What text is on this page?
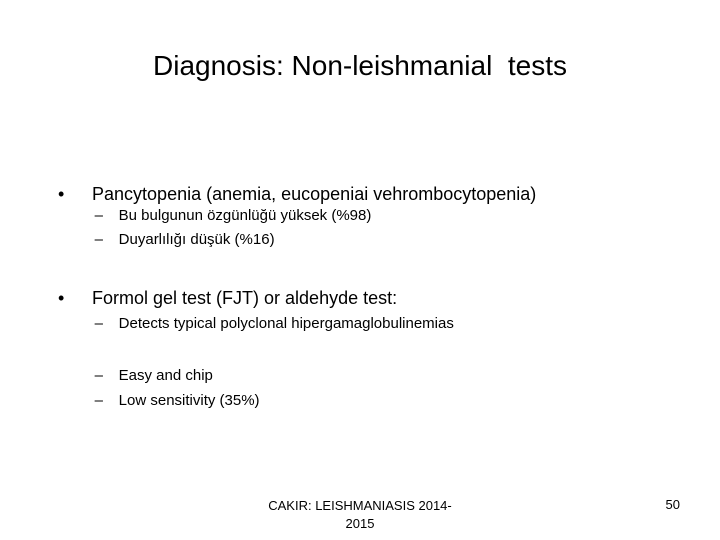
Diagnosis: Non-leishmanial  tests

• Pancytopenia (anemia, eucopeniai vehrombocytopenia)

– Bu bulgunun özgünlüğü yüksek (%98)

– Duyarlılığı düşük (%16)

• Formol gel test (FJT) or aldehyde test:

– Detects typical polyclonal hipergamaglobulinemias

– Easy and chip

– Low sensitivity (35%)

CAKIR: LEISHMANIASIS 2014-
2015
50
